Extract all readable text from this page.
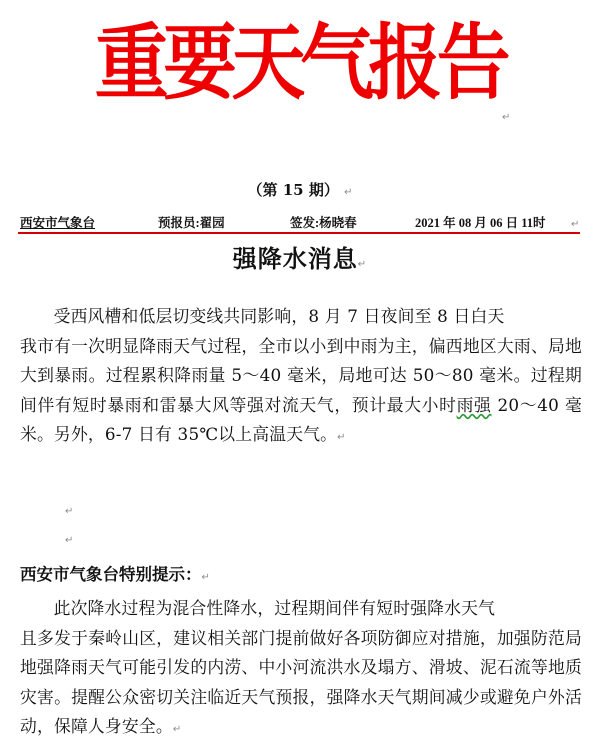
重要天气报告
↵
（第 15 期） ↵
西安市气象台	预报员:翟园	签发:杨晓春	2021 年 08 月 06 日 11时	↵
强降水消息↵
受西风槽和低层切变线共同影响，8 月 7 日夜间至 8 日白天
我市有一次明显降雨天气过程，全市以小到中雨为主，偏西地区大雨、局地大到暴雨。过程累积降雨量 5～40 毫米，局地可达 50～80 毫米。过程期间伴有短时暴雨和雷暴大风等强对流天气，预计最大小时雨强 20～40 毫米。另外，6-7 日有 35℃以上高温天气。↵
↵
↵
西安市气象台特别提示：↵
此次降水过程为混合性降水，过程期间伴有短时强降水天气
且多发于秦岭山区，建议相关部门提前做好各项防御应对措施，加强防范局地强降雨天气可能引发的内涝、中小河流洪水及塌方、滑坡、泥石流等地质灾害。提醒公众密切关注临近天气预报，强降水天气期间减少或避免户外活动，保障人身安全。↵
